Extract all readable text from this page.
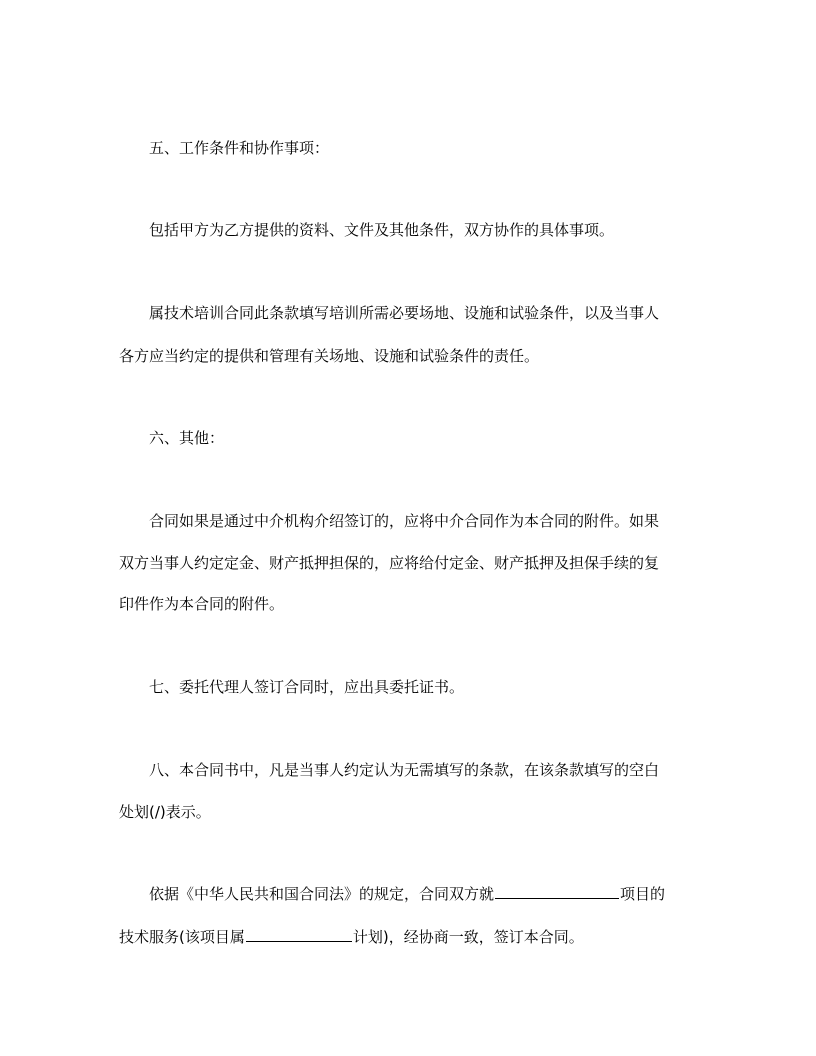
五、工作条件和协作事项：
包括甲方为乙方提供的资料、文件及其他条件，双方协作的具体事项。
属技术培训合同此条款填写培训所需必要场地、设施和试验条件，以及当事人
各方应当约定的提供和管理有关场地、设施和试验条件的责任。
六、其他：
合同如果是通过中介机构介绍签订的，应将中介合同作为本合同的附件。如果
双方当事人约定定金、财产抵押担保的，应将给付定金、财产抵押及担保手续的复
印件作为本合同的附件。
七、委托代理人签订合同时，应出具委托证书。
八、本合同书中，凡是当事人约定认为无需填写的条款，在该条款填写的空白
处划(/)表示。
依据《中华人民共和国合同法》的规定，合同双方就	项目的
技术服务(该项目属	计划)，经协商一致，签订本合同。
